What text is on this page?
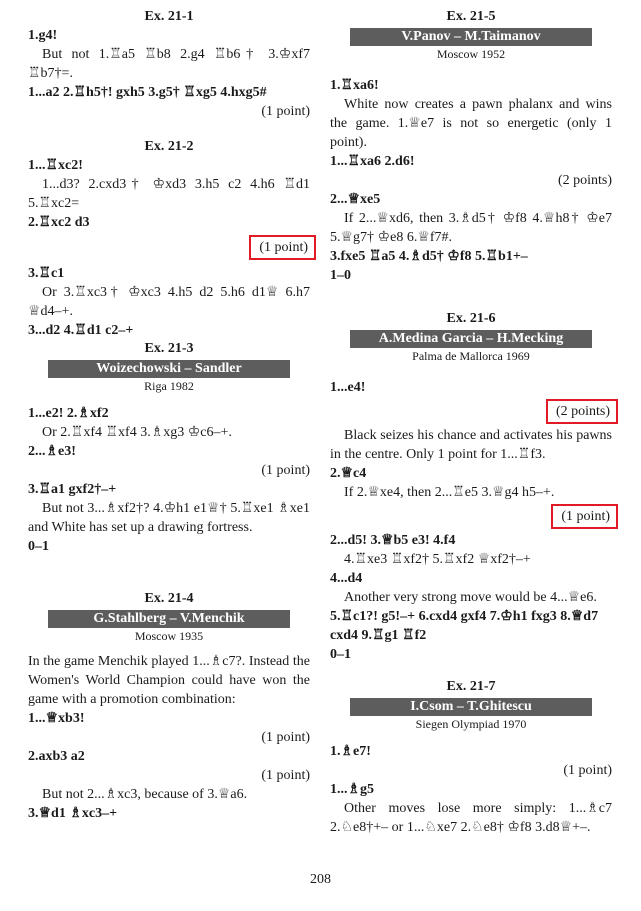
Ex. 21-1
1.g4!
But not 1.♖a5 ♖b8 2.g4 ♖b6† 3.♔xf7 ♖b7†=.
1...a2 2.♖h5†! gxh5 3.g5† ♖xg5 4.hxg5#
(1 point)
Ex. 21-2
1...♖xc2!
1...d3? 2.cxd3† ♔xd3 3.h5 c2 4.h6 ♖d1 5.♖xc2=
2.♖xc2 d3
(1 point)
3.♖c1
Or 3.♖xc3† ♔xc3 4.h5 d2 5.h6 d1♕ 6.h7 ♕d4–+.
3...d2 4.♖d1 c2–+
Ex. 21-3
Woizechowski – Sandler
Riga 1982
1...e2! 2.♗xf2
Or 2.♖xf4 ♖xf4 3.♗xg3 ♔c6–+.
2...♗e3!
(1 point)
3.♖a1 gxf2†–+
But not 3...♗xf2†? 4.♔h1 e1♕† 5.♖xe1 ♗xe1 and White has set up a drawing fortress.
0–1
Ex. 21-4
G.Stahlberg – V.Menchik
Moscow 1935
In the game Menchik played 1...♗c7?. Instead the Women's World Champion could have won the game with a promotion combination:
1...♕xb3!
(1 point)
2.axb3 a2
(1 point)
But not 2...♗xc3, because of 3.♕a6.
3.♕d1 ♗xc3–+
Ex. 21-5
V.Panov – M.Taimanov
Moscow 1952
1.♖xa6!
White now creates a pawn phalanx and wins the game. 1.♕e7 is not so energetic (only 1 point).
1...♖xa6 2.d6!
(2 points)
2...♕xe5
If 2...♕xd6, then 3.♗d5† ♔f8 4.♕h8† ♔e7 5.♕g7† ♔e8 6.♕f7#.
3.fxe5 ♖a5 4.♗d5† ♔f8 5.♖b1+–
1–0
Ex. 21-6
A.Medina Garcia – H.Mecking
Palma de Mallorca 1969
1...e4!
(2 points)
Black seizes his chance and activates his pawns in the centre. Only 1 point for 1...♖f3.
2.♕c4
If 2.♕xe4, then 2...♖e5 3.♕g4 h5–+.
(1 point)
2...d5! 3.♕b5 e3! 4.f4
4.♖xe3 ♖xf2† 5.♖xf2 ♕xf2†–+
4...d4
Another very strong move would be 4...♕e6.
5.♖c1?! g5!–+ 6.cxd4 gxf4 7.♔h1 fxg3 8.♕d7 cxd4 9.♖g1 ♖f2
0–1
Ex. 21-7
I.Csom – T.Ghitescu
Siegen Olympiad 1970
1.♗e7!
(1 point)
1...♗g5
Other moves lose more simply: 1...♗c7 2.♘e8†+– or 1...♘xe7 2.♘e8† ♔f8 3.d8♕+–.
208
